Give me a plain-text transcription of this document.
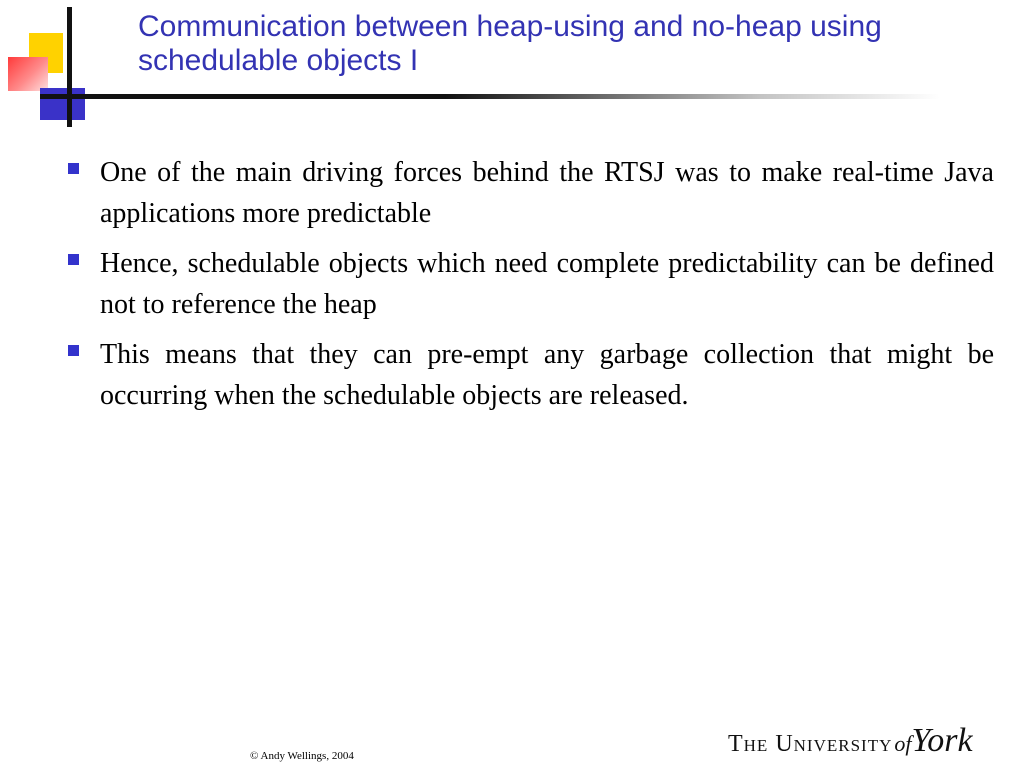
Communication between heap-using and no-heap using schedulable objects I
One of the main driving forces behind the RTSJ was to make real-time Java applications more predictable
Hence, schedulable objects which need complete predictability can be defined not to reference the heap
This means that they can pre-empt any garbage collection that might be occurring when the schedulable objects are released.
© Andy Wellings, 2004	The University of York
